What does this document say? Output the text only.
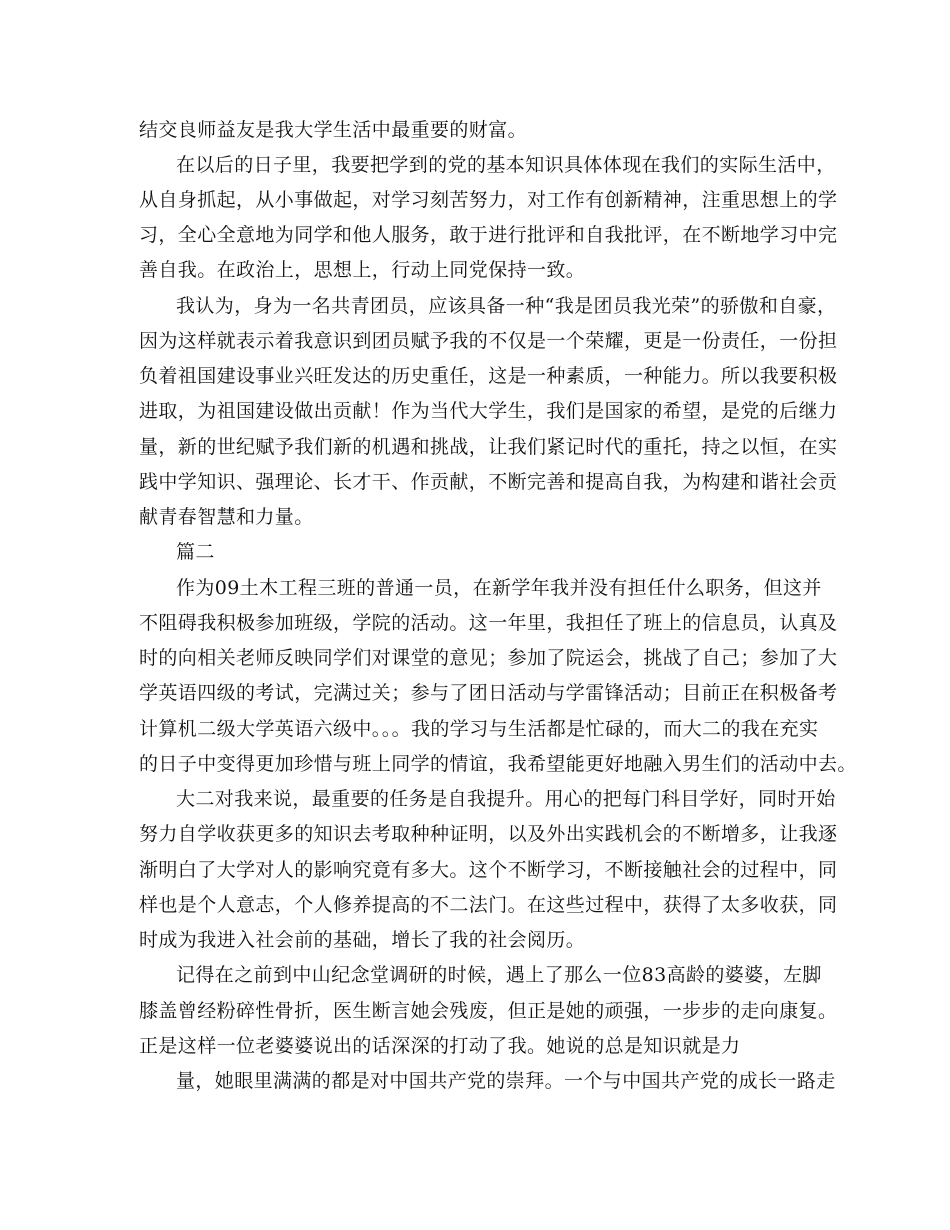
结交良师益友是我大学生活中最重要的财富。
在以后的日子里，我要把学到的党的基本知识具体体现在我们的实际生活中，
从自身抓起，从小事做起，对学习刻苦努力，对工作有创新精神，注重思想上的学
习，全心全意地为同学和他人服务，敢于进行批评和自我批评，在不断地学习中完
善自我。在政治上，思想上，行动上同党保持一致。
我认为，身为一名共青团员，应该具备一种“我是团员我光荣”的骄傲和自豪，
因为这样就表示着我意识到团员赋予我的不仅是一个荣耀，更是一份责任，一份担
负着祖国建设事业兴旺发达的历史重任，这是一种素质，一种能力。所以我要积极
进取，为祖国建设做出贡献！作为当代大学生，我们是国家的希望，是党的后继力
量，新的世纪赋予我们新的机遇和挑战，让我们紧记时代的重托，持之以恒，在实
践中学知识、强理论、长才干、作贡献，不断完善和提高自我，为构建和谐社会贡
献青春智慧和力量。
篇二
作为09土木工程三班的普通一员，在新学年我并没有担任什么职务，但这并
不阻碍我积极参加班级，学院的活动。这一年里，我担任了班上的信息员，认真及
时的向相关老师反映同学们对课堂的意见；参加了院运会，挑战了自己；参加了大
学英语四级的考试，完满过关；参与了团日活动与学雷锋活动；目前正在积极备考
计算机二级大学英语六级中。。。我的学习与生活都是忙碌的，而大二的我在充实
的日子中变得更加珍惜与班上同学的情谊，我希望能更好地融入男生们的活动中去。
大二对我来说，最重要的任务是自我提升。用心的把每门科目学好，同时开始
努力自学收获更多的知识去考取种种证明，以及外出实践机会的不断增多，让我逐
渐明白了大学对人的影响究竟有多大。这个不断学习，不断接触社会的过程中，同
样也是个人意志，个人修养提高的不二法门。在这些过程中，获得了太多收获，同
时成为我进入社会前的基础，增长了我的社会阅历。
记得在之前到中山纪念堂调研的时候，遇上了那么一位83高龄的婆婆，左脚
膝盖曾经粉碎性骨折，医生断言她会残废，但正是她的顽强，一步步的走向康复。
正是这样一位老婆婆说出的话深深的打动了我。她说的总是知识就是力
量，她眼里满满的都是对中国共产党的崇拜。一个与中国共产党的成长一路走
